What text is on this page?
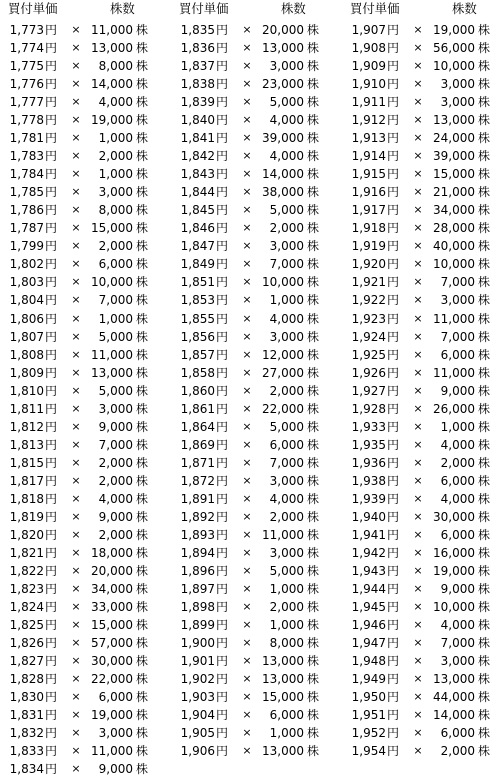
買付単価	株数
1,773 円	× 11,000 株
1,774 円	× 13,000 株
1,775 円	×	8,000 株
1,776 円	× 14,000 株
1,777 円	×	4,000 株
1,778 円	× 19,000 株
1,781 円	×	1,000 株
1,783 円	×	2,000 株
1,784 円	×	1,000 株
1,785 円	×	3,000 株
1,786 円	×	8,000 株
1,787 円	× 15,000 株
1,799 円	×	2,000 株
1,802 円	×	6,000 株
1,803 円	× 10,000 株
1,804 円	×	7,000 株
1,806 円	×	1,000 株
1,807 円	×	5,000 株
1,808 円	× 11,000 株
1,809 円	× 13,000 株
1,810 円	×	5,000 株
1,811 円	×	3,000 株
1,812 円	×	9,000 株
1,813 円	×	7,000 株
1,815 円	×	2,000 株
1,817 円	×	2,000 株
1,818 円	×	4,000 株
1,819 円	×	9,000 株
1,820 円	×	2,000 株
1,821 円	× 18,000 株
1,822 円	× 20,000 株
1,823 円	× 34,000 株
1,824 円	× 33,000 株
1,825 円	× 15,000 株
1,826 円	× 57,000 株
1,827 円	× 30,000 株
1,828 円	× 22,000 株
1,830 円	×	6,000 株
1,831 円	× 19,000 株
1,832 円	×	3,000 株
1,833 円	× 11,000 株
1,834 円	×	9,000 株
買付単価	株数
1,835 円	× 20,000 株
1,836 円	× 13,000 株
1,837 円	×	3,000 株
1,838 円	× 23,000 株
1,839 円	×	5,000 株
1,840 円	×	4,000 株
1,841 円	× 39,000 株
1,842 円	×	4,000 株
1,843 円	× 14,000 株
1,844 円	× 38,000 株
1,845 円	×	5,000 株
1,846 円	×	2,000 株
1,847 円	×	3,000 株
1,849 円	×	7,000 株
1,851 円	× 10,000 株
1,853 円	×	1,000 株
1,855 円	×	4,000 株
1,856 円	×	3,000 株
1,857 円	× 12,000 株
1,858 円	× 27,000 株
1,860 円	×	2,000 株
1,861 円	× 22,000 株
1,864 円	×	5,000 株
1,869 円	×	6,000 株
1,871 円	×	7,000 株
1,872 円	×	3,000 株
1,891 円	×	4,000 株
1,892 円	×	2,000 株
1,893 円	× 11,000 株
1,894 円	×	3,000 株
1,896 円	×	5,000 株
1,897 円	×	1,000 株
1,898 円	×	2,000 株
1,899 円	×	1,000 株
1,900 円	×	8,000 株
1,901 円	× 13,000 株
1,902 円	× 13,000 株
1,903 円	× 15,000 株
1,904 円	×	6,000 株
1,905 円	×	1,000 株
1,906 円	× 13,000 株
買付単価	株数
1,907 円	× 19,000 株
1,908 円	× 56,000 株
1,909 円	× 10,000 株
1,910 円	×	3,000 株
1,911 円	×	3,000 株
1,912 円	× 13,000 株
1,913 円	× 24,000 株
1,914 円	× 39,000 株
1,915 円	× 15,000 株
1,916 円	× 21,000 株
1,917 円	× 34,000 株
1,918 円	× 28,000 株
1,919 円	× 40,000 株
1,920 円	× 10,000 株
1,921 円	×	7,000 株
1,922 円	×	3,000 株
1,923 円	× 11,000 株
1,924 円	×	7,000 株
1,925 円	×	6,000 株
1,926 円	× 11,000 株
1,927 円	×	9,000 株
1,928 円	× 26,000 株
1,933 円	×	1,000 株
1,935 円	×	4,000 株
1,936 円	×	2,000 株
1,938 円	×	6,000 株
1,939 円	×	4,000 株
1,940 円	× 30,000 株
1,941 円	×	6,000 株
1,942 円	× 16,000 株
1,943 円	× 19,000 株
1,944 円	×	9,000 株
1,945 円	× 10,000 株
1,946 円	×	4,000 株
1,947 円	×	7,000 株
1,948 円	×	3,000 株
1,949 円	× 13,000 株
1,950 円	× 44,000 株
1,951 円	× 14,000 株
1,952 円	×	6,000 株
1,954 円	×	2,000 株
